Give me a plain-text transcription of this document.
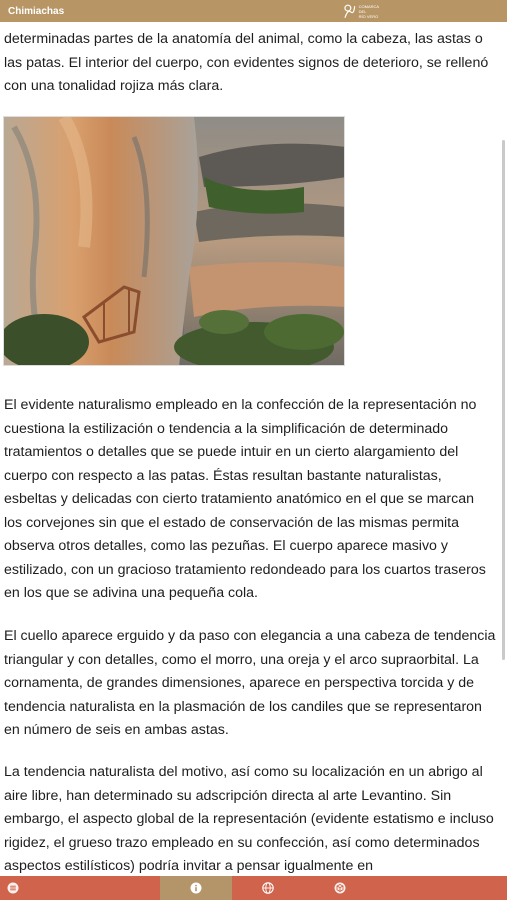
Chimiachas	COMARCA DEL
RÍO VERO

determinadas partes de la anatomía del animal, como la cabeza, las astas o las patas. El interior del cuerpo, con evidentes signos de deterioro, se rellenó con una tonalidad rojiza más clara.

El evidente naturalismo empleado en la confección de la representación no cuestiona la estilización o tendencia a la simplificación de determinado tratamientos o detalles que se puede intuir en un cierto alargamiento del cuerpo con respecto a las patas. Éstas resultan bastante naturalistas, esbeltas y delicadas con cierto tratamiento anatómico en el que se marcan los corvejones sin que el estado de conservación de las mismas permita observa otros detalles, como las pezuñas. El cuerpo aparece masivo y estilizado, con un gracioso tratamiento redondeado para los cuartos traseros en los que se adivina una pequeña cola.

El cuello aparece erguido y da paso con elegancia a una cabeza de tendencia triangular y con detalles, como el morro, una oreja y el arco supraorbital. La cornamenta, de grandes dimensiones, aparece en perspectiva torcida y de tendencia naturalista en la plasmación de los candiles que se representaron en número de seis en ambas astas.

La tendencia naturalista del motivo, así como su localización en un abrigo al aire libre, han determinado su adscripción directa al arte Levantino. Sin embargo, el aspecto global de la representación (evidente estatismo e incluso rigidez, el grueso trazo empleado en su confección, así como determinados aspectos estilísticos) podría invitar a pensar igualmente en
